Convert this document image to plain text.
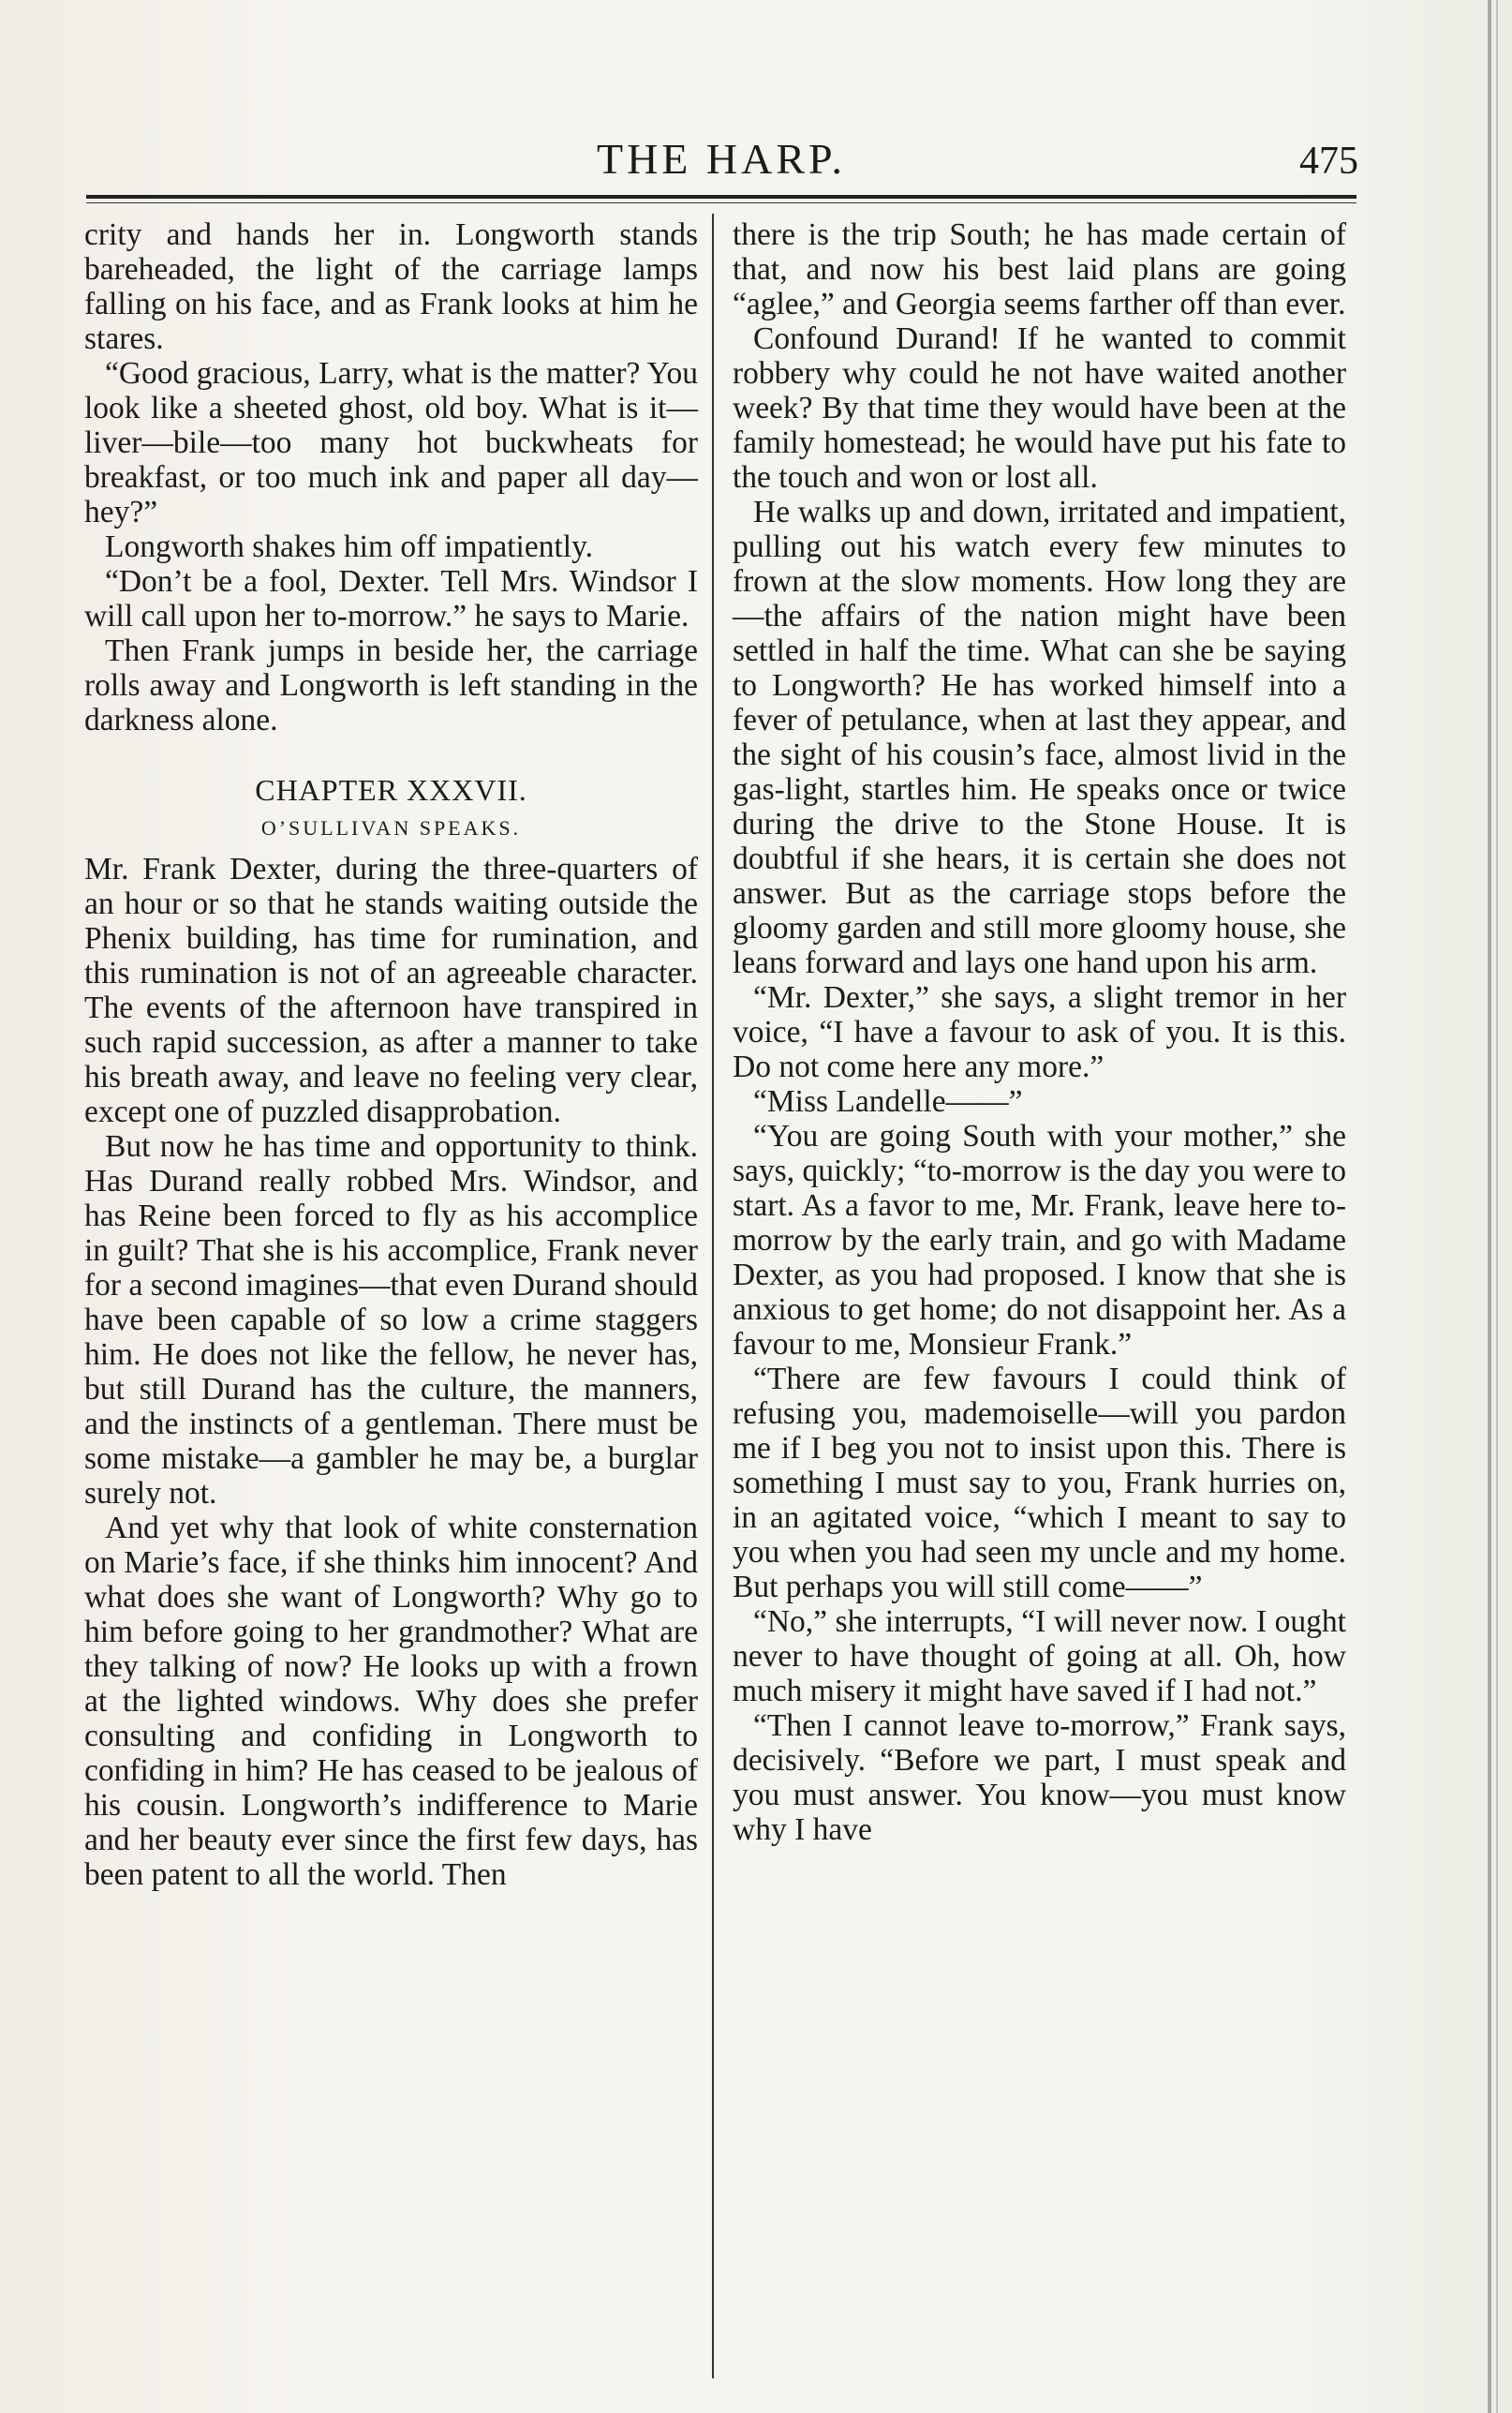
THE HARP.	475

crity and hands her in. Longworth stands bareheaded, the light of the carriage lamps falling on his face, and as Frank looks at him he stares.

“Good gracious, Larry, what is the matter? You look like a sheeted ghost, old boy. What is it—liver—bile—too many hot buckwheats for breakfast, or too much ink and paper all day—hey?”

Longworth shakes him off impatiently.

“Don’t be a fool, Dexter. Tell Mrs. Windsor I will call upon her to-morrow.” he says to Marie.

Then Frank jumps in beside her, the carriage rolls away and Longworth is left standing in the darkness alone.

CHAPTER XXXVII.
O’SULLIVAN SPEAKS.

Mr. Frank Dexter, during the three-quarters of an hour or so that he stands waiting outside the Phenix building, has time for rumination, and this rumination is not of an agreeable character. The events of the afternoon have transpired in such rapid succession, as after a manner to take his breath away, and leave no feeling very clear, except one of puzzled disapprobation.

But now he has time and opportunity to think. Has Durand really robbed Mrs. Windsor, and has Reine been forced to fly as his accomplice in guilt? That she is his accomplice, Frank never for a second imagines—that even Durand should have been capable of so low a crime staggers him. He does not like the fellow, he never has, but still Durand has the culture, the manners, and the instincts of a gentleman. There must be some mistake—a gambler he may be, a burglar surely not.

And yet why that look of white consternation on Marie’s face, if she thinks him innocent? And what does she want of Longworth? Why go to him before going to her grandmother? What are they talking of now? He looks up with a frown at the lighted windows. Why does she prefer consulting and confiding in Longworth to confiding in him? He has ceased to be jealous of his cousin. Longworth’s indifference to Marie and her beauty ever since the first few days, has been patent to all the world. Then

there is the trip South; he has made certain of that, and now his best laid plans are going “aglee,” and Georgia seems farther off than ever.

Confound Durand! If he wanted to commit robbery why could he not have waited another week? By that time they would have been at the family homestead; he would have put his fate to the touch and won or lost all.

He walks up and down, irritated and impatient, pulling out his watch every few minutes to frown at the slow moments. How long they are—the affairs of the nation might have been settled in half the time. What can she be saying to Longworth? He has worked himself into a fever of petulance, when at last they appear, and the sight of his cousin’s face, almost livid in the gas-light, startles him. He speaks once or twice during the drive to the Stone House. It is doubtful if she hears, it is certain she does not answer. But as the carriage stops before the gloomy garden and still more gloomy house, she leans forward and lays one hand upon his arm.

“Mr. Dexter,” she says, a slight tremor in her voice, “I have a favour to ask of you. It is this. Do not come here any more.”

“Miss Landelle——”

“You are going South with your mother,” she says, quickly; “to-morrow is the day you were to start. As a favor to me, Mr. Frank, leave here to-morrow by the early train, and go with Madame Dexter, as you had proposed. I know that she is anxious to get home; do not disappoint her. As a favour to me, Monsieur Frank.”

“There are few favours I could think of refusing you, mademoiselle—will you pardon me if I beg you not to insist upon this. There is something I must say to you, Frank hurries on, in an agitated voice, “which I meant to say to you when you had seen my uncle and my home. But perhaps you will still come——”

“No,” she interrupts, “I will never now. I ought never to have thought of going at all. Oh, how much misery it might have saved if I had not.”

“Then I cannot leave to-morrow,” Frank says, decisively. “Before we part, I must speak and you must answer. You know—you must know why I have
